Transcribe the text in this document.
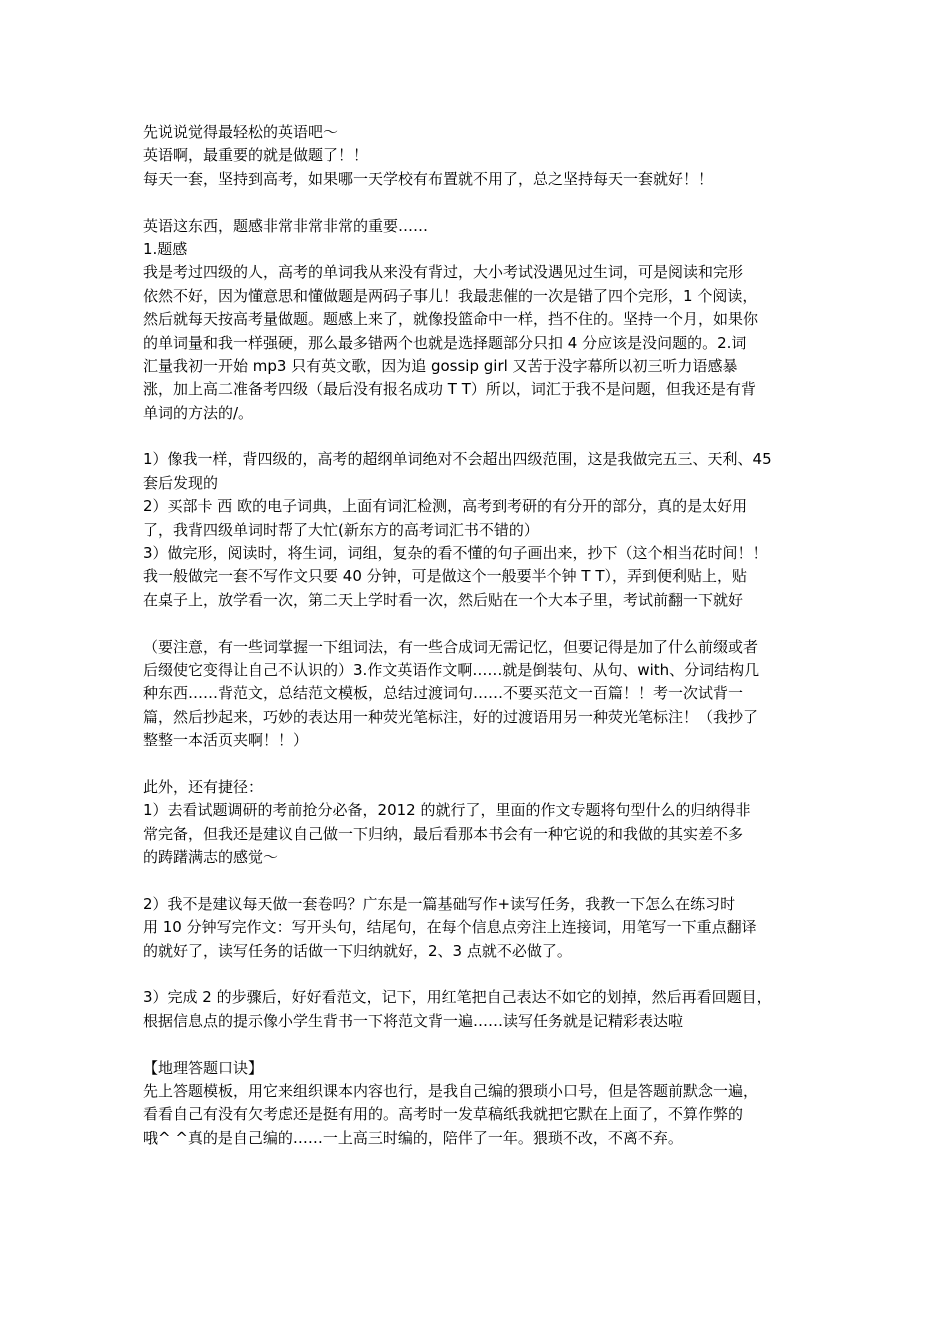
先说说觉得最轻松的英语吧～
英语啊，最重要的就是做题了！！
每天一套，坚持到高考，如果哪一天学校有布置就不用了，总之坚持每天一套就好！！
英语这东西，题感非常非常非常的重要……
1.题感
我是考过四级的人，高考的单词我从来没有背过，大小考试没遇见过生词，可是阅读和完形
依然不好，因为懂意思和懂做题是两码子事儿！我最悲催的一次是错了四个完形，1 个阅读，
然后就每天按高考量做题。题感上来了，就像投篮命中一样，挡不住的。坚持一个月，如果你
的单词量和我一样强硬，那么最多错两个也就是选择题部分只扣 4 分应该是没问题的。2.词
汇量我初一开始 mp3 只有英文歌，因为追 gossip girl 又苦于没字幕所以初三听力语感暴
涨，加上高二准备考四级（最后没有报名成功 T T）所以，词汇于我不是问题，但我还是有背
单词的方法的/。
1）像我一样，背四级的，高考的超纲单词绝对不会超出四级范围，这是我做完五三、天利、45
套后发现的
2）买部卡 西 欧的电子词典，上面有词汇检测，高考到考研的有分开的部分，真的是太好用
了，我背四级单词时帮了大忙(新东方的高考词汇书不错的）
3）做完形，阅读时，将生词，词组，复杂的看不懂的句子画出来，抄下（这个相当花时间！！
我一般做完一套不写作文只要 40 分钟，可是做这个一般要半个钟 T T），弄到便利贴上，贴
在桌子上，放学看一次，第二天上学时看一次，然后贴在一个大本子里，考试前翻一下就好
（要注意，有一些词掌握一下组词法，有一些合成词无需记忆，但要记得是加了什么前缀或者
后缀使它变得让自己不认识的）3.作文英语作文啊……就是倒装句、从句、with、分词结构几
种东西……背范文，总结范文模板，总结过渡词句……不要买范文一百篇！！考一次试背一
篇，然后抄起来，巧妙的表达用一种荧光笔标注，好的过渡语用另一种荧光笔标注！（我抄了
整整一本活页夹啊！！）
此外，还有捷径：
1）去看试题调研的考前抢分必备，2012 的就行了，里面的作文专题将句型什么的归纳得非
常完备，但我还是建议自己做一下归纳，最后看那本书会有一种它说的和我做的其实差不多
的踌躇满志的感觉～
2）我不是建议每天做一套卷吗？广东是一篇基础写作+读写任务，我教一下怎么在练习时
用 10 分钟写完作文：写开头句，结尾句，在每个信息点旁注上连接词，用笔写一下重点翻译
的就好了，读写任务的话做一下归纳就好，2、3 点就不必做了。
3）完成 2 的步骤后，好好看范文，记下，用红笔把自己表达不如它的划掉，然后再看回题目，
根据信息点的提示像小学生背书一下将范文背一遍……读写任务就是记精彩表达啦
【地理答题口诀】
先上答题模板，用它来组织课本内容也行，是我自己编的猥琐小口号，但是答题前默念一遍，
看看自己有没有欠考虑还是挺有用的。高考时一发草稿纸我就把它默在上面了，不算作弊的
哦^ ^真的是自己编的……一上高三时编的，陪伴了一年。猥琐不改，不离不弃。
